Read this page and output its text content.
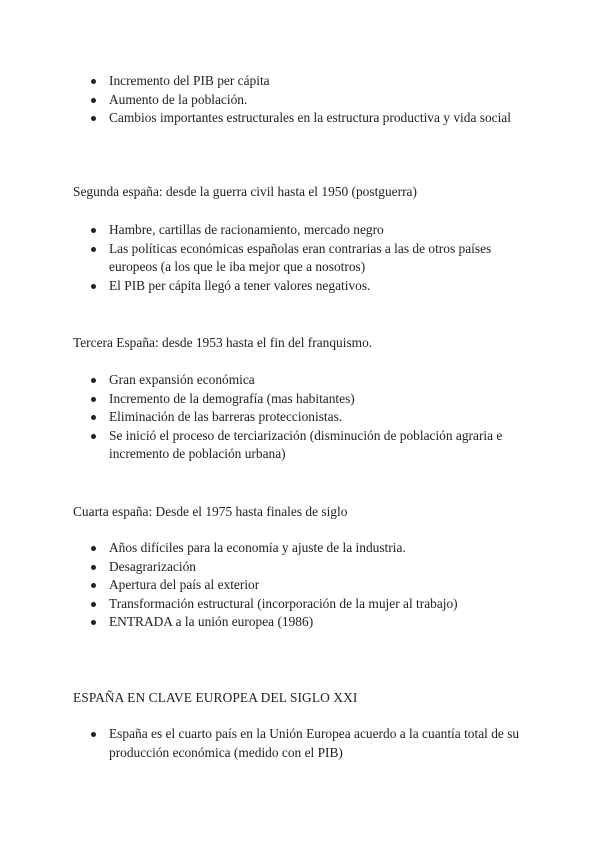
Incremento del PIB per cápita
Aumento de la población.
Cambios importantes estructurales en la estructura productiva y vida social

Segunda españa: desde la guerra civil hasta el 1950 (postguerra)

Hambre, cartillas de racionamiento, mercado negro
Las políticas económicas españolas eran contrarias a las de otros países europeos (a los que le iba mejor que a nosotros)
El PIB per cápita llegó a tener valores negativos.

Tercera España: desde 1953 hasta el fin del franquismo.

Gran expansión económica
Incremento de la demografía (mas habitantes)
Eliminación de las barreras proteccionistas.
Se inició el proceso de terciarización (disminución de población agraria e incremento de población urbana)

Cuarta españa: Desde el 1975 hasta finales de siglo

Años difíciles para la economía y ajuste de la industria.
Desagrarización
Apertura del país al exterior
Transformación estructural (incorporación de la mujer al trabajo)
ENTRADA a la unión europea (1986)

ESPAÑA EN CLAVE EUROPEA DEL SIGLO XXI

España es el cuarto país en la Unión Europea acuerdo a la cuantía total de su producción económica (medido con el PIB)
